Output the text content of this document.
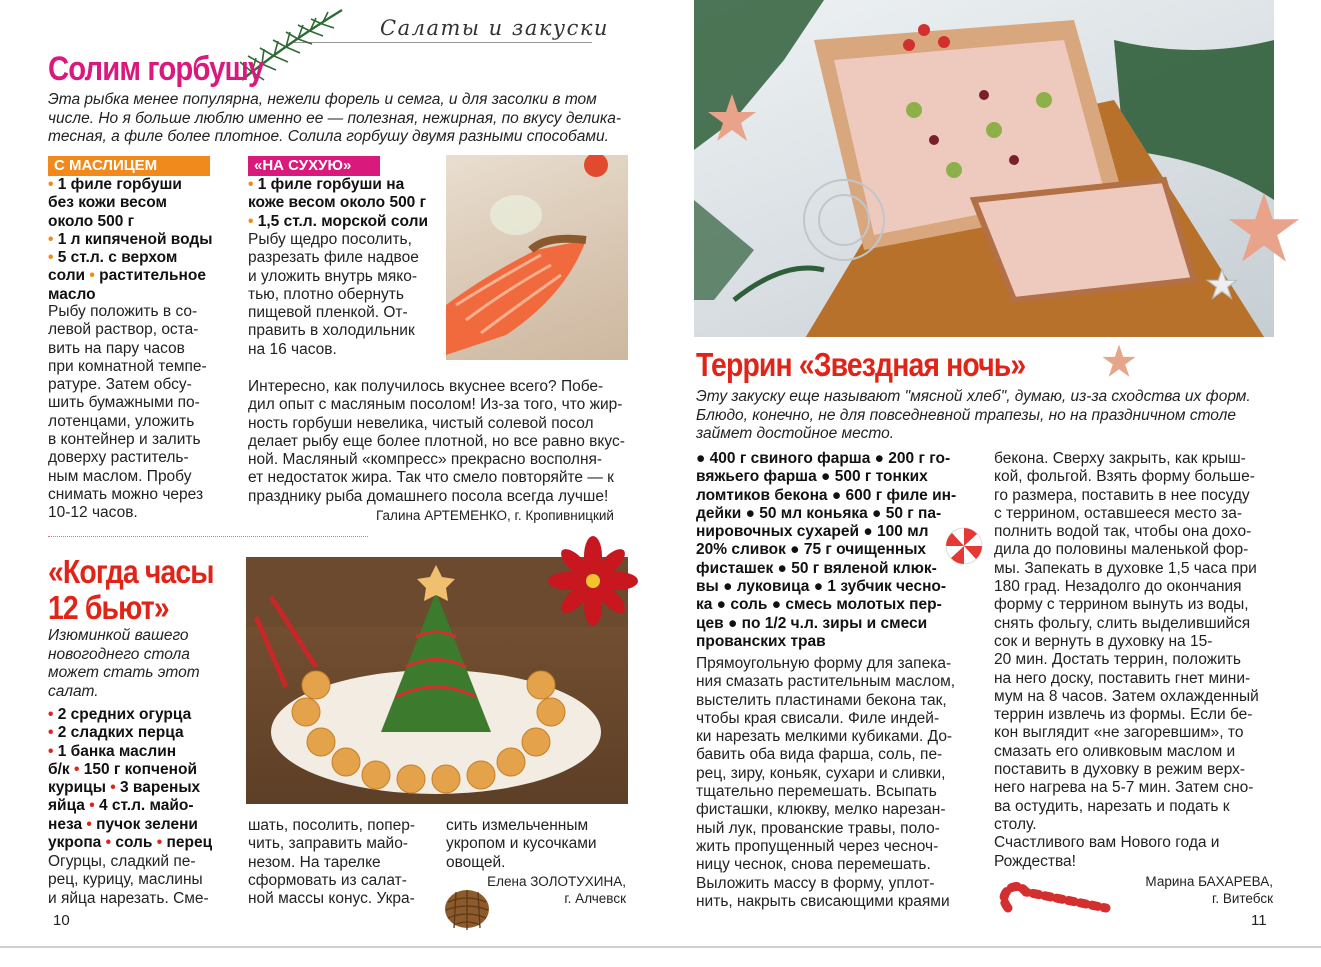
Салаты и закуски
Солим горбушу
Эта рыбка менее популярна, нежели форель и семга, и для засолки в том
числе. Но я больше люблю именно ее — полезная, нежирная, по вкусу делика-
тесная, а филе более плотное. Солила горбушу двумя разными способами.
С МАСЛИЦЕМ
• 1 филе горбуши
без кожи весом
около 500 г
• 1 л кипяченой воды
• 5 ст.л. с верхом
соли • растительное
масло
Рыбу положить в со-
левой раствор, оста-
вить на пару часов
при комнатной темпе-
ратуре. Затем обсу-
шить бумажными по-
лотенцами, уложить
в контейнер и залить
доверху раститель-
ным маслом. Пробу
снимать можно через
10-12 часов.
«НА СУХУЮ»
• 1 филе горбуши на
коже весом около 500 г
• 1,5 ст.л. морской соли
Рыбу щедро посолить,
разрезать филе надвое
и уложить внутрь мяко-
тью, плотно обернуть
пищевой пленкой. От-
править в холодильник
на 16 часов.
Интересно, как получилось вкуснее всего? Побе-
дил опыт с масляным посолом! Из-за того, что жир-
ность горбуши невелика, чистый солевой посол
делает рыбу еще более плотной, но все равно вкус-
ной. Масляный «компресс» прекрасно восполня-
ет недостаток жира. Так что смело повторяйте — к
празднику рыба домашнего посола всегда лучше!
Галина АРТЕМЕНКО, г. Кропивницкий
«Когда часы
12 бьют»
Изюминкой вашего
новогоднего стола
может стать этот
салат.
• 2 средних огурца
• 2 сладких перца
• 1 банка маслин
б/к • 150 г копченой
курицы • 3 вареных
яйца • 4 ст.л. майо-
неза • пучок зелени
укропа • соль • перец
Огурцы, сладкий пе-
рец, курицу, маслины
и яйца нарезать. Сме-
шать, посолить, попер-
чить, заправить майо-
незом. На тарелке
сформовать из салат-
ной массы конус. Укра-
сить измельченным
укропом и кусочками
овощей.
Елена ЗОЛОТУХИНА,
г. Алчевск
10
Террин «Звездная ночь»
Эту закуску еще называют "мясной хлеб", думаю, из-за сходства их форм.
Блюдо, конечно, не для повседневной трапезы, но на праздничном столе
займет достойное место.
● 400 г свиного фарша ● 200 г го-
вяжьего фарша ● 500 г тонких
ломтиков бекона ● 600 г филе ин-
дейки ● 50 мл коньяка ● 50 г па-
нировочных сухарей ● 100 мл
20% сливок ● 75 г очищенных
фисташек ● 50 г вяленой клюк-
вы ● луковица ● 1 зубчик чесно-
ка ● соль ● смесь молотых пер-
цев ● по 1/2 ч.л. зиры и смеси
прованских трав
Прямоугольную форму для запека-
ния смазать растительным маслом,
выстелить пластинами бекона так,
чтобы края свисали. Филе индей-
ки нарезать мелкими кубиками. До-
бавить оба вида фарша, соль, пе-
рец, зиру, коньяк, сухари и сливки,
тщательно перемешать. Всыпать
фисташки, клюкву, мелко нарезан-
ный лук, прованские травы, поло-
жить пропущенный через чесноч-
ницу чеснок, снова перемешать.
Выложить массу в форму, уплот-
нить, накрыть свисающими краями
бекона. Сверху закрыть, как крыш-
кой, фольгой. Взять форму больше-
го размера, поставить в нее посуду
с террином, оставшееся место за-
полнить водой так, чтобы она дохо-
дила до половины маленькой фор-
мы. Запекать в духовке 1,5 часа при
180 град. Незадолго до окончания
форму с террином вынуть из воды,
снять фольгу, слить выделившийся
сок и вернуть в духовку на 15-
20 мин. Достать террин, положить
на него доску, поставить гнет мини-
мум на 8 часов. Затем охлажденный
террин извлечь из формы. Если бе-
кон выглядит «не загоревшим», то
смазать его оливковым маслом и
поставить в духовку в режим верх-
него нагрева на 5-7 мин. Затем сно-
ва остудить, нарезать и подать к
столу.
Счастливого вам Нового года и
Рождества!
Марина БАХАРЕВА,
г. Витебск
11
